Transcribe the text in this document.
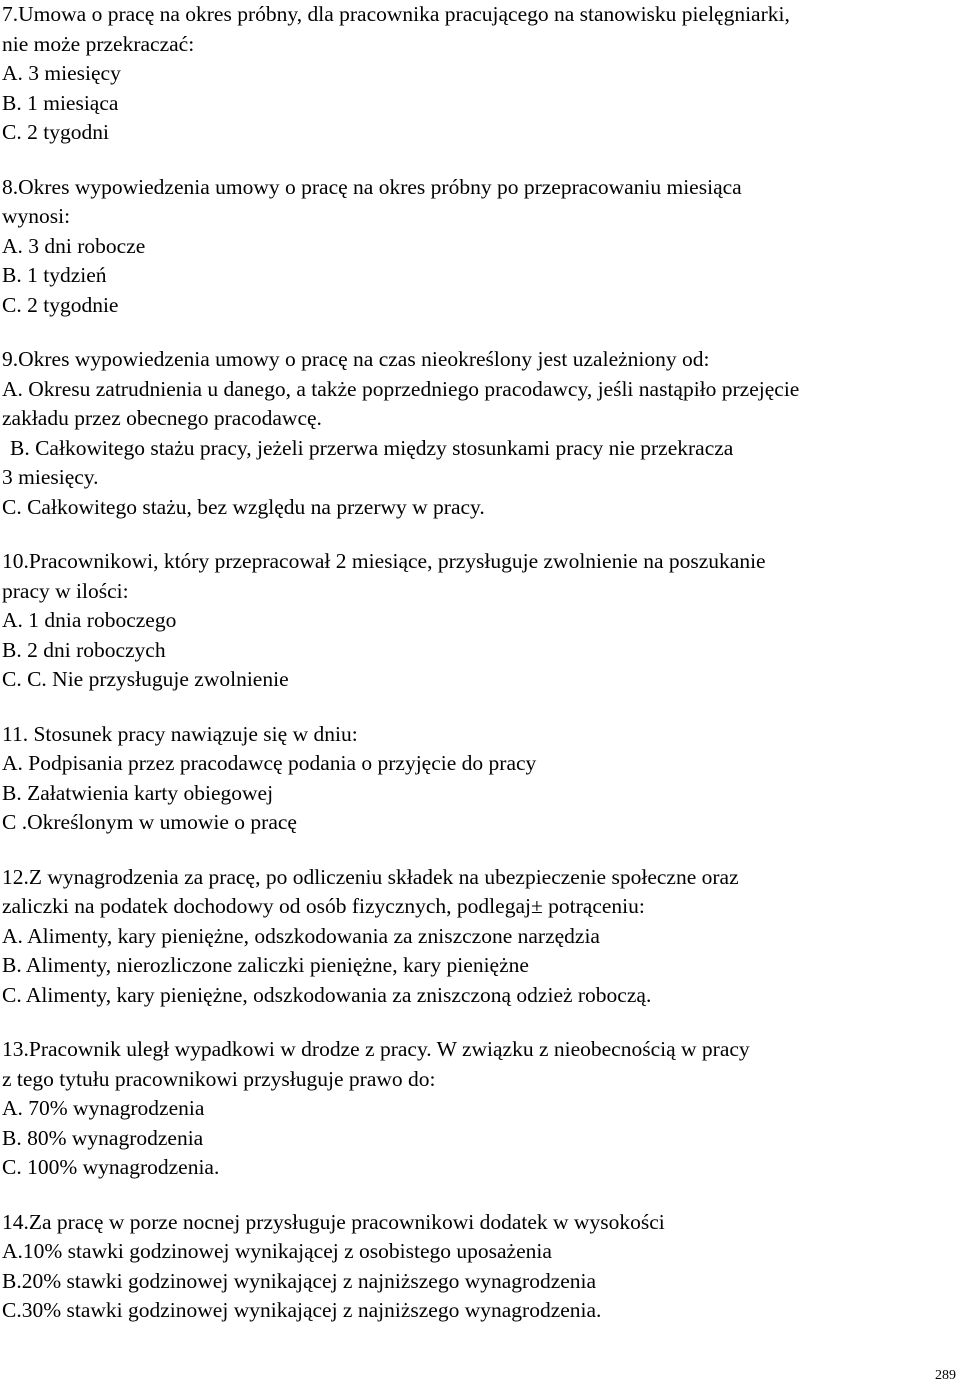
7.Umowa o pracę na okres próbny, dla pracownika pracującego na stanowisku pielęgniarki,
nie może przekraczać:
A. 3 miesięcy
B. 1 miesiąca
C. 2 tygodni
8.Okres wypowiedzenia umowy o pracę na okres próbny po przepracowaniu miesiąca
wynosi:
A. 3 dni robocze
B. 1 tydzień
C. 2 tygodnie
9.Okres wypowiedzenia umowy o pracę na czas nieokreślony jest uzależniony od:
A. Okresu zatrudnienia u danego, a także poprzedniego pracodawcy, jeśli nastąpiło przejęcie
zakładu przez obecnego pracodawcę.
B. Całkowitego stażu pracy, jeżeli przerwa między stosunkami pracy nie przekracza
3 miesięcy.
C. Całkowitego stażu, bez względu na przerwy w pracy.
10.Pracownikowi, który przepracował 2 miesiące, przysługuje zwolnienie na poszukanie
pracy w ilości:
A. 1 dnia roboczego
B. 2 dni roboczych
C. C. Nie przysługuje zwolnienie
11. Stosunek pracy nawiązuje się w dniu:
A. Podpisania przez pracodawcę podania o przyjęcie do pracy
B. Załatwienia karty obiegowej
C .Określonym w umowie o pracę
12.Z wynagrodzenia za pracę, po odliczeniu składek na ubezpieczenie społeczne oraz
zaliczki na podatek dochodowy od osób fizycznych, podlegaj± potrąceniu:
A. Alimenty, kary pieniężne, odszkodowania za zniszczone narzędzia
B. Alimenty, nierozliczone zaliczki pieniężne, kary pieniężne
C. Alimenty, kary pieniężne, odszkodowania za zniszczoną odzież roboczą.
13.Pracownik uległ wypadkowi w drodze z pracy. W związku z nieobecnością w pracy
z tego tytułu pracownikowi przysługuje prawo do:
A. 70% wynagrodzenia
B. 80% wynagrodzenia
C. 100% wynagrodzenia.
14.Za pracę w porze nocnej przysługuje pracownikowi dodatek w wysokości
A.10% stawki godzinowej wynikającej z osobistego uposażenia
B.20% stawki godzinowej wynikającej z najniższego wynagrodzenia
C.30% stawki godzinowej wynikającej z najniższego wynagrodzenia.
289
